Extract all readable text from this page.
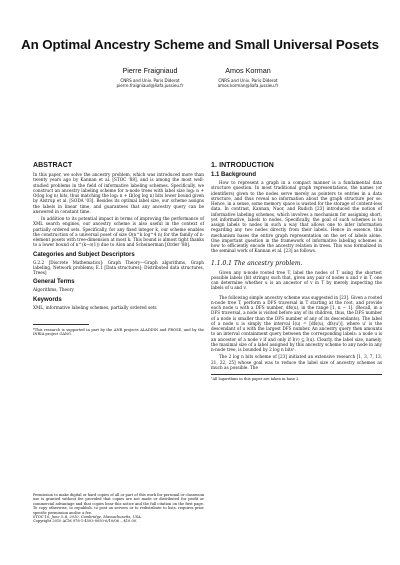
An Optimal Ancestry Scheme and Small Universal Posets
Pierre Fraigniaud
CNRS and Univ. Paris Diderot
pierre.fraigniaud@liafa.jussieu.fr
Amos Korman
CNRS and Univ. Paris Diderot
amos.korman@liafa.jussieu.fr
ABSTRACT

In this paper, we solve the ancestry problem, which was introduced more than twenty years ago by Kannan et al. [STOC '88], and is among the most well-studied problems in the field of informative labeling schemes. Specifically, we construct an ancestry labeling scheme for n-node trees with label size log₂ n + O(log log n) bits, thus matching the log₂ n + Ω(log log n) bits lower bound given by Alstrup et al. [SODA '03]. Besides its optimal label size, our scheme assigns the labels in linear time, and guarantees that any ancestry query can be answered in constant time.

In addition to its potential impact in terms of improving the performance of XML search engines, our ancestry scheme is also useful in the context of partially ordered sets. Specifically, for any fixed integer k, our scheme enables the construction of a universal poset of size O(n^k log^4 n) for the family of n-element posets with tree-dimension at most k. This bound is almost tight thanks to a lower bound of n^(k−o(1)) due to Alon and Scheinerman [Order '88].

Categories and Subject Descriptors

G.2.2 [Discrete Mathematics]: Graph Theory—Graph algorithms, Graph labeling, Network problems; E.1 [Data structures]: Distributed data structures, Trees]

General Terms

Algorithms, Theory

Keywords

XML, informative labeling schemes, partially ordered sets

*This research is supported in part by the ANR projects ALADDIN and PROSE, and by the INRIA project GANG.

Permission to make digital or hard copies of all or part of this work for personal or classroom use is granted without fee provided that copies are not made or distributed for profit or commercial advantage and that copies bear this notice and the full citation on the first page. To copy otherwise, to republish, to post on servers or to redistribute to lists, requires prior specific permission and/or a fee.
STOC'10, June 5–8, 2010, Cambridge, Massachusetts, USA.
Copyright 2010 ACM 978-1-4503-0050-6/10/06 ...$10.00.
1. INTRODUCTION
1.1 Background

How to represent a graph in a compact manner is a fundamental data structure question. In most traditional graph representations, the names (or identifiers) given to the nodes serve merely as pointers to entries in a data structure, and thus reveal no information about the graph structure per se. Hence, in a sense, some memory space is wasted for the storage of content-less data. In contrast, Kannan, Naor, and Rudich [23] introduced the notion of informative labeling schemes, which involves a mechanism for assigning short, yet informative, labels to nodes. Specifically, the goal of such schemes is to assign labels to nodes in such a way that allows one to infer information regarding any two nodes directly from their labels. Hence in essence, this mechanism bases the entire graph representation on the set of labels alone. One important question in the framework of informative labeling schemes is how to efficiently encode the ancestry relation in trees. This was formalized in the seminal work of Kannan et al. [23] as follows.

1.1.0.1 The ancestry problem.

Given any n-node rooted tree T, label the nodes of T using the shortest possible labels (bit strings) such that, given any pair of nodes u and v in T, one can determine whether u is an ancestor of v in T by merely inspecting the labels of u and v.

The following simple ancestry scheme was suggested in [23]. Given a rooted n-node tree T, perform a DFS traversal in T starting at the root, and provide each node u with a DFS number, dfs(u), in the range [1, n − 1]. (Recall, in a DFS traversal, a node is visited before any of its children, thus, the DFS number of a node is smaller than the DFS number of any of its descendants). The label of a node u is simply the interval I(u) = [dfs(u), dfs(u')], where u' is the descendant of u with the largest DFS number. An ancestry query then amounts to an interval containment query between the corresponding labels: a node u is an ancestor of a node v if and only if I(v) ⊆ I(u). Clearly, the label size, namely, the maximal size of a label assigned by this ancestry scheme to any node in any n-node tree, is bounded by 2 log n bits¹.

The 2 log n bits scheme of [23] initiated an extensive research [1, 3, 7, 13, 21, 22, 25] whose goal was to reduce the label size of ancestry schemes as much as possible. The

¹All logarithms in this paper are taken in base 2.
